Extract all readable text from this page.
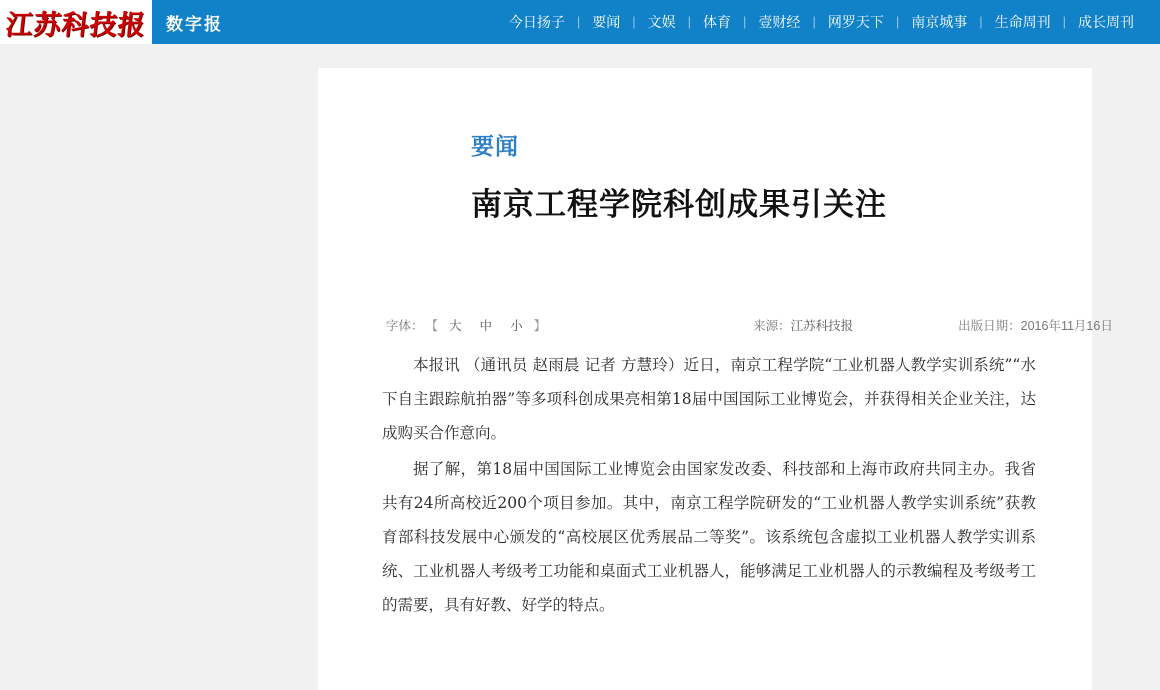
江苏科技报 数字报	今日扬子 | 要闻 | 文娱 | 体育 | 壹财经 | 网罗天下 | 南京城事 | 生命周刊 | 成长周刊
要闻
南京工程学院科创成果引关注
字体： 【 大	中	小 】	来源：江苏科技报	出版日期：2016年11月16日

本报讯 （通讯员 赵雨晨 记者 方慧玲）近日，南京工程学院“工业机器人教学实训系统”“水下自主跟踪航拍器”等多项科创成果亮相第18届中国国际工业博览会，并获得相关企业关注，达成购买合作意向。

据了解，第18届中国国际工业博览会由国家发改委、科技部和上海市政府共同主办。我省共有24所高校近200个项目参加。其中，南京工程学院研发的“工业机器人教学实训系统”获教育部科技发展中心颁发的“高校展区优秀展品二等奖”。该系统包含虚拟工业机器人教学实训系统、工业机器人考级考工功能和桌面式工业机器人，能够满足工业机器人的示教编程及考级考工的需要，具有好教、好学的特点。
